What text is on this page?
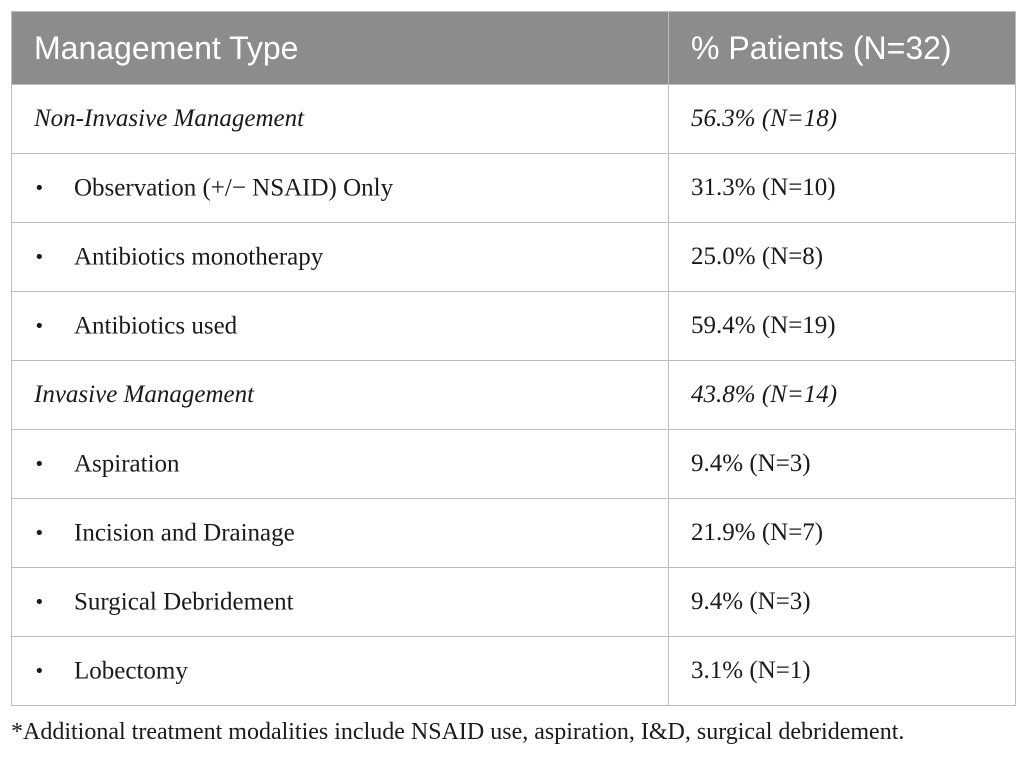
Management Type	% Patients (N=32)
Non-Invasive Management	56.3% (N=18)
• Observation (+/− NSAID) Only	31.3% (N=10)
• Antibiotics monotherapy	25.0% (N=8)
• Antibiotics used	59.4% (N=19)
Invasive Management	43.8% (N=14)
• Aspiration	9.4% (N=3)
• Incision and Drainage	21.9% (N=7)
• Surgical Debridement	9.4% (N=3)
• Lobectomy	3.1% (N=1)
*Additional treatment modalities include NSAID use, aspiration, I&D, surgical debridement.
